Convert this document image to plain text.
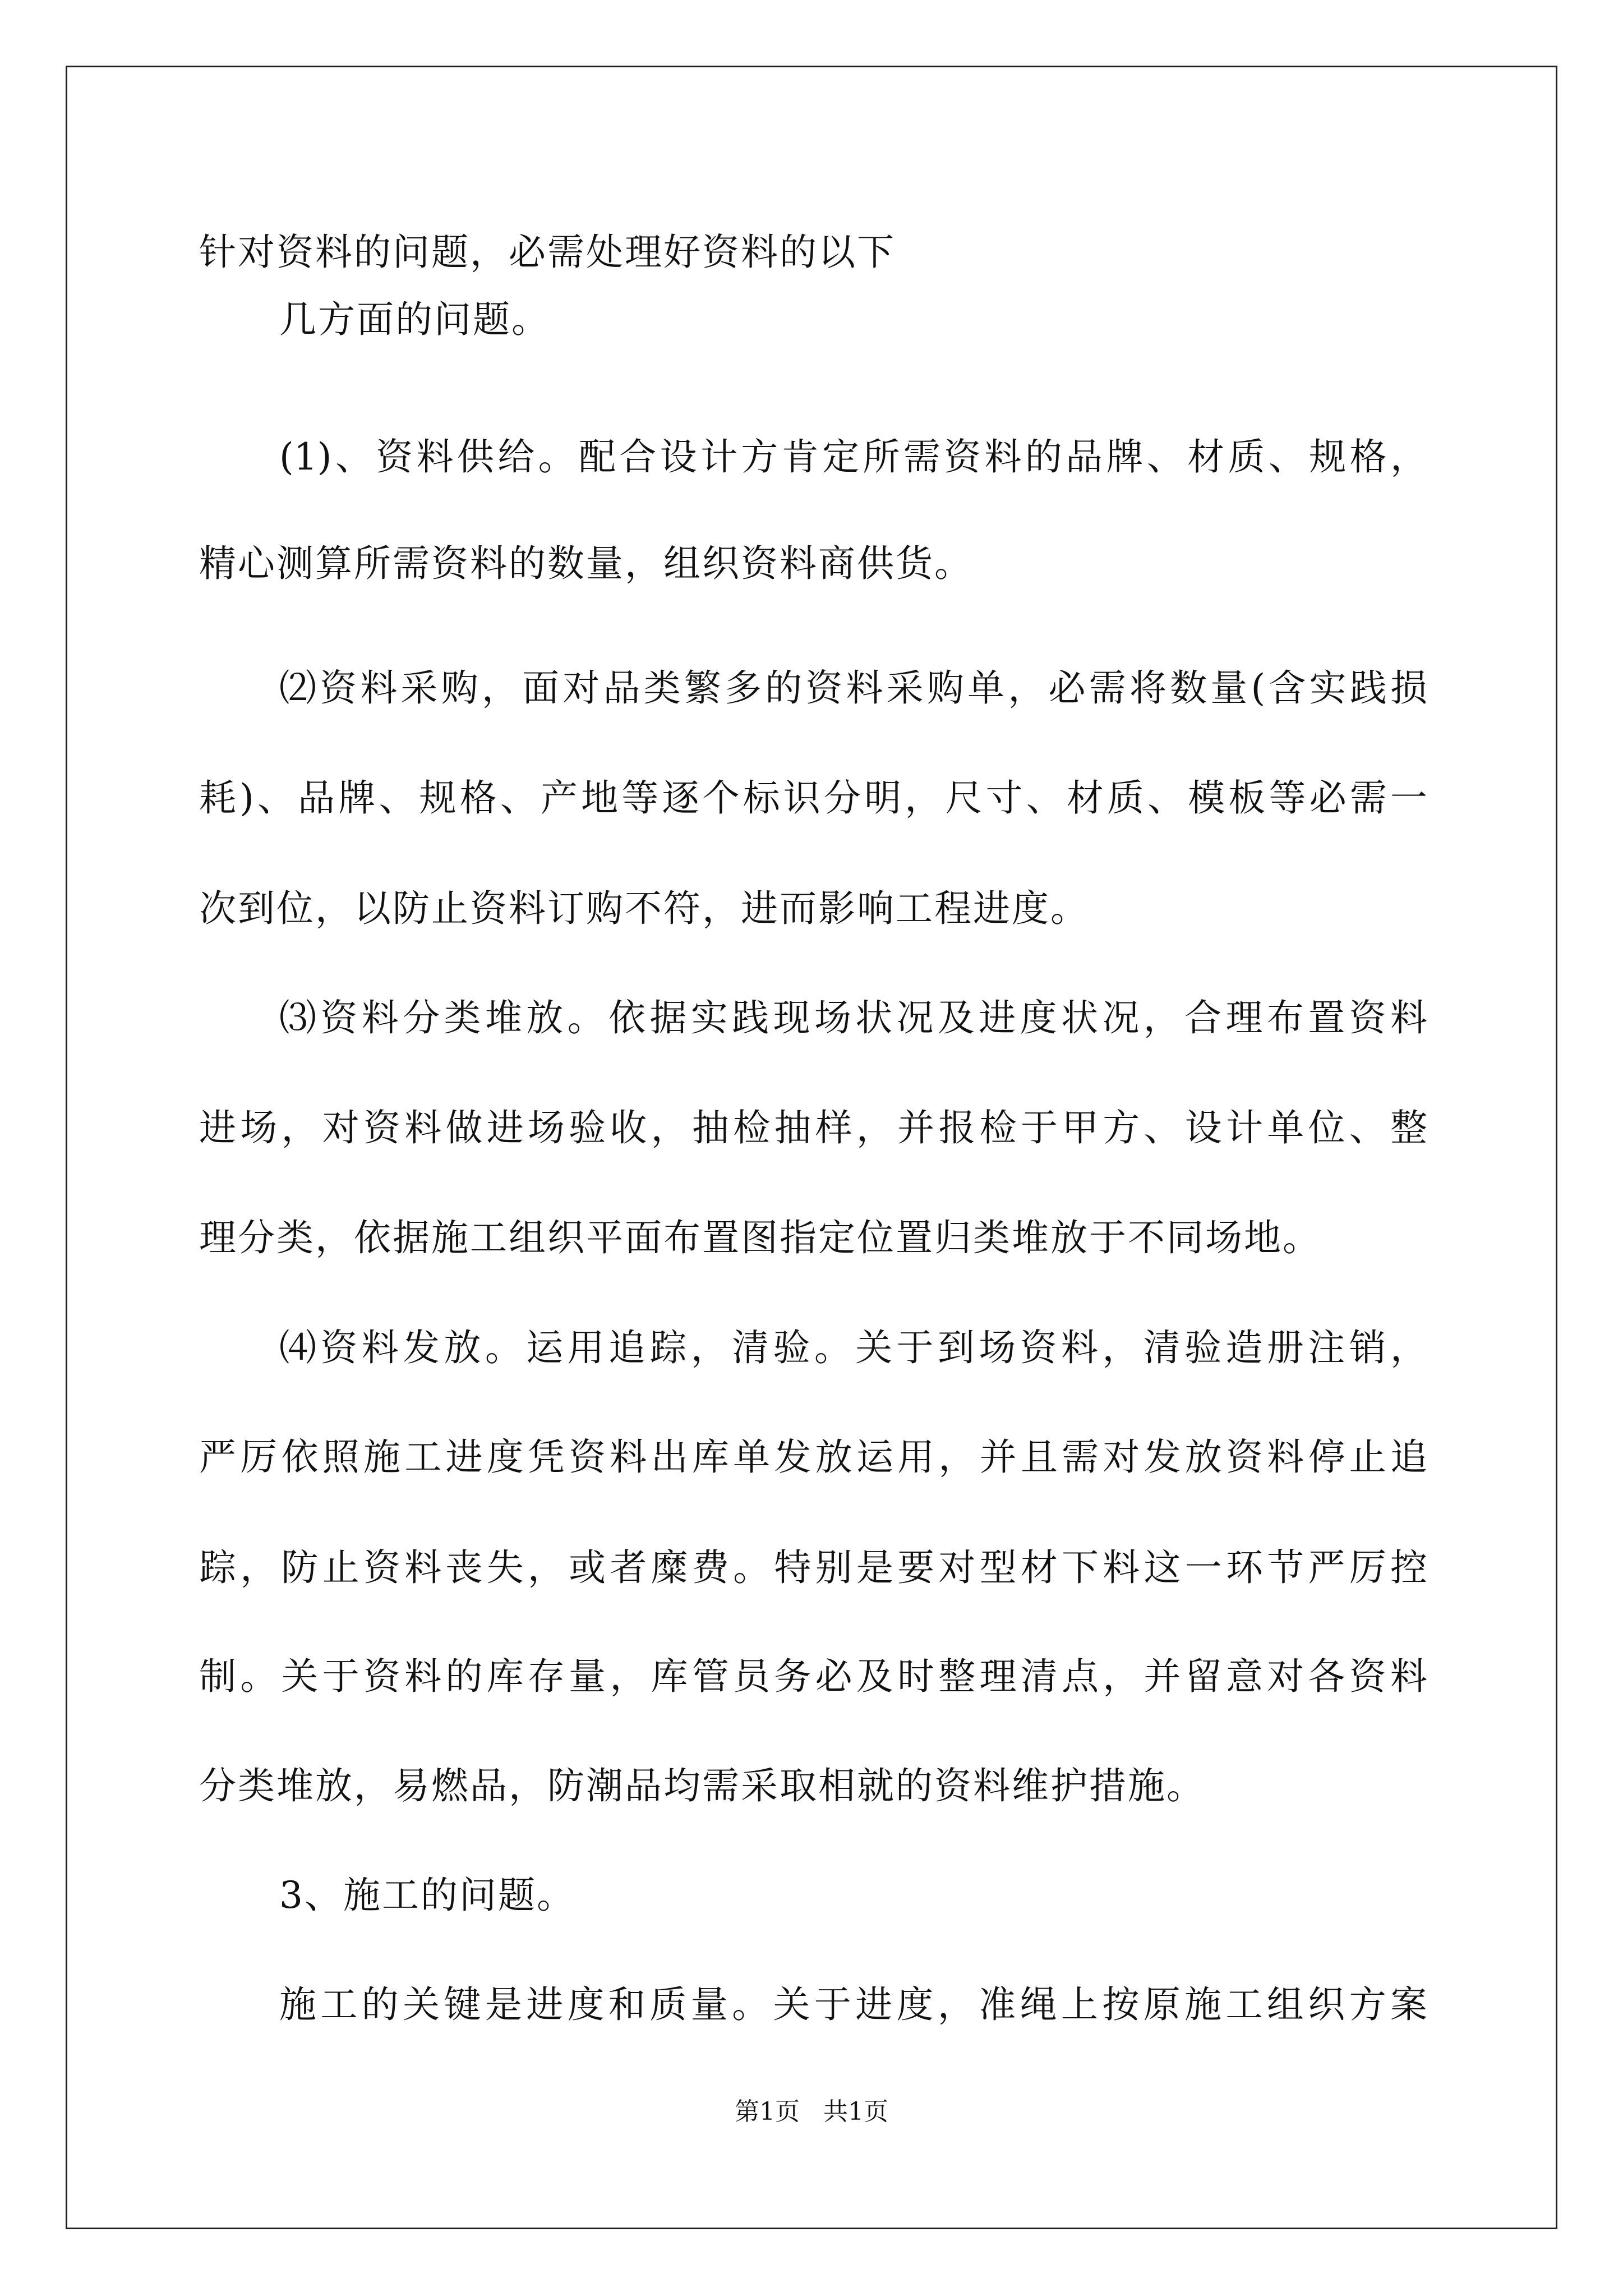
针对资料的问题，必需处理好资料的以下
几方面的问题。
(1)、资料供给。配合设计方肯定所需资料的品牌、材质、规格，
精心测算所需资料的数量，组织资料商供货。
⑵资料采购，面对品类繁多的资料采购单，必需将数量(含实践损
耗)、品牌、规格、产地等逐个标识分明，尺寸、材质、模板等必需一
次到位，以防止资料订购不符，进而影响工程进度。
⑶资料分类堆放。依据实践现场状况及进度状况，合理布置资料
进场，对资料做进场验收，抽检抽样，并报检于甲方、设计单位、整
理分类，依据施工组织平面布置图指定位置归类堆放于不同场地。
⑷资料发放。运用追踪，清验。关于到场资料，清验造册注销，
严厉依照施工进度凭资料出库单发放运用，并且需对发放资料停止追
踪，防止资料丧失，或者糜费。特别是要对型材下料这一环节严厉控
制。关于资料的库存量，库管员务必及时整理清点，并留意对各资料
分类堆放，易燃品，防潮品均需采取相就的资料维护措施。
3、施工的问题。
施工的关键是进度和质量。关于进度，准绳上按原施工组织方案
第1页   共1页
